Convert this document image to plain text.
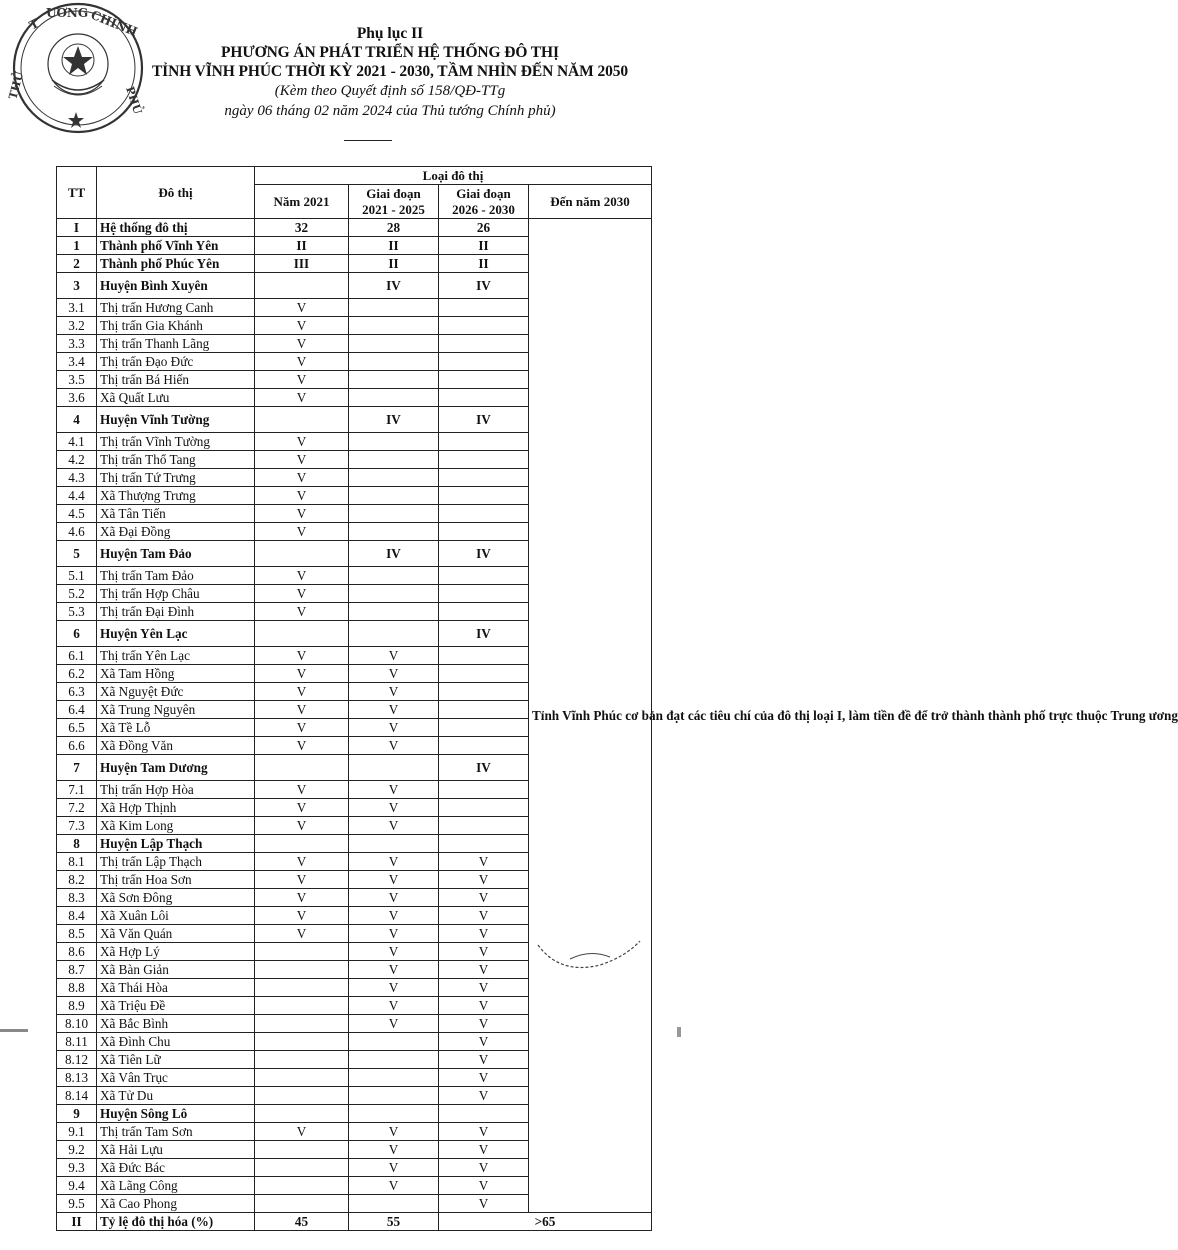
T
ƯỚNG CHÍNH
THỦ	PHỦ
Phụ lục II
PHƯƠNG ÁN PHÁT TRIỂN HỆ THỐNG ĐÔ THỊ
TỈNH VĨNH PHÚC THỜI KỲ 2021 - 2030, TẦM NHÌN ĐẾN NĂM 2050
(Kèm theo Quyết định số 158/QĐ-TTg
ngày 06 tháng 02 năm 2024 của Thủ tướng Chính phủ)
TT	Đô thị	Loại đô thị			
		Năm 2021	Giai đoạn 2021 - 2025	Giai đoạn 2026 - 2030	Đến năm 2030
I	Hệ thống đô thị	32	28	26	Tỉnh Vĩnh Phúc cơ bản đạt các tiêu chí của đô thị loại I, làm tiền đề để trở thành thành phố trực thuộc Trung ương
1	Thành phố Vĩnh Yên	II	II	II	
2	Thành phố Phúc Yên	III	II	II	
3	Huyện Bình Xuyên		IV	IV	
3.1	Thị trấn Hương Canh	V			
3.2	Thị trấn Gia Khánh	V			
3.3	Thị trấn Thanh Lãng	V			
3.4	Thị trấn Đạo Đức	V			
3.5	Thị trấn Bá Hiến	V			
3.6	Xã Quất Lưu	V			
4	Huyện Vĩnh Tường		IV	IV	
4.1	Thị trấn Vĩnh Tường	V			
4.2	Thị trấn Thổ Tang	V			
4.3	Thị trấn Tứ Trưng	V			
4.4	Xã Thượng Trưng	V			
4.5	Xã Tân Tiến	V			
4.6	Xã Đại Đồng	V			
5	Huyện Tam Đảo		IV	IV	
5.1	Thị trấn Tam Đảo	V			
5.2	Thị trấn Hợp Châu	V			
5.3	Thị trấn Đại Đình	V			
6	Huyện Yên Lạc			IV	
6.1	Thị trấn Yên Lạc	V	V		
6.2	Xã Tam Hồng	V	V		
6.3	Xã Nguyệt Đức	V	V		
6.4	Xã Trung Nguyên	V	V		
6.5	Xã Tề Lỗ	V	V		
6.6	Xã Đồng Văn	V	V		
7	Huyện Tam Dương			IV	
7.1	Thị trấn Hợp Hòa	V	V		
7.2	Xã Hợp Thịnh	V	V		
7.3	Xã Kim Long	V	V		
8	Huyện Lập Thạch				
8.1	Thị trấn Lập Thạch	V	V	V	
8.2	Thị trấn Hoa Sơn	V	V	V	
8.3	Xã Sơn Đông	V	V	V	
8.4	Xã Xuân Lôi	V	V	V	
8.5	Xã Văn Quán	V	V	V	
8.6	Xã Hợp Lý		V	V	
8.7	Xã Bàn Giản		V	V	
8.8	Xã Thái Hòa		V	V	
8.9	Xã Triệu Đề		V	V	
8.10	Xã Bắc Bình		V	V	
8.11	Xã Đình Chu			V	
8.12	Xã Tiên Lữ			V	
8.13	Xã Vân Trục			V	
8.14	Xã Tử Du			V	
9	Huyện Sông Lô				
9.1	Thị trấn Tam Sơn	V	V	V	
9.2	Xã Hải Lựu		V	V	
9.3	Xã Đức Bác		V	V	
9.4	Xã Lãng Công		V	V	
9.5	Xã Cao Phong			V	
II	Tỷ lệ đô thị hóa (%)	45	55	>65	
